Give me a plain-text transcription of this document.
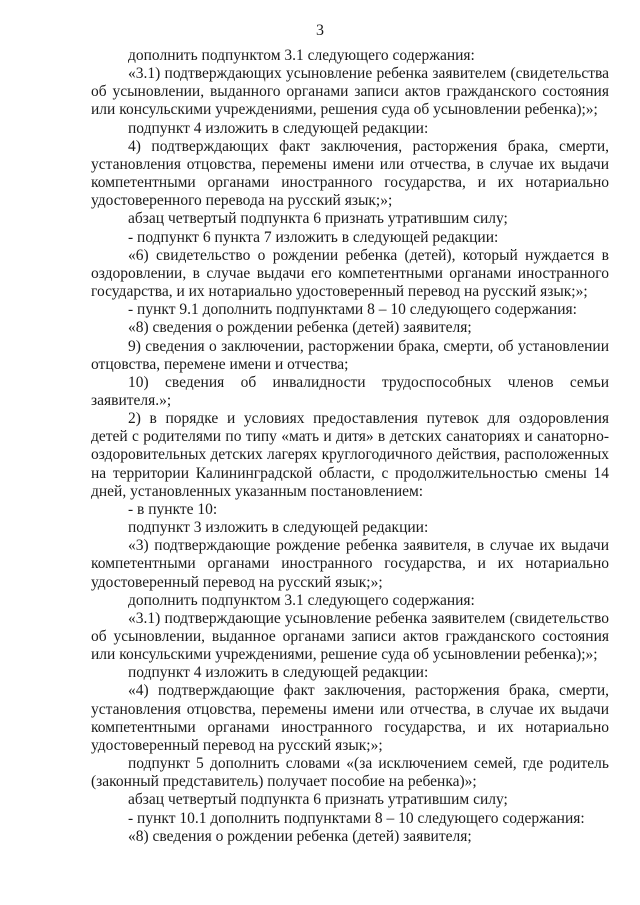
3

дополнить подпунктом 3.1 следующего содержания:

«3.1) подтверждающих усыновление ребенка заявителем (свидетельства об усыновлении, выданного органами записи актов гражданского состояния или консульскими учреждениями, решения суда об усыновлении ребенка);»;

подпункт 4 изложить в следующей редакции:

4) подтверждающих факт заключения, расторжения брака, смерти, установления отцовства, перемены имени или отчества, в случае их выдачи компетентными органами иностранного государства, и их нотариально удостоверенного перевода на русский язык;»;

абзац четвертый подпункта 6 признать утратившим силу;

- подпункт 6 пункта 7 изложить в следующей редакции:

«6) свидетельство о рождении ребенка (детей), который нуждается в оздоровлении, в случае выдачи его компетентными органами иностранного государства, и их нотариально удостоверенный перевод на русский язык;»;

- пункт 9.1 дополнить подпунктами 8 – 10 следующего содержания:

«8) сведения о рождении ребенка (детей) заявителя;

9) сведения о заключении, расторжении брака, смерти, об установлении отцовства, перемене имени и отчества;

10) сведения об инвалидности трудоспособных членов семьи заявителя.»;

2) в порядке и условиях предоставления путевок для оздоровления детей с родителями по типу «мать и дитя» в детских санаториях и санаторно-оздоровительных детских лагерях круглогодичного действия, расположенных на территории Калининградской области, с продолжительностью смены 14 дней, установленных указанным постановлением:

- в пункте 10:

подпункт 3 изложить в следующей редакции:

«3) подтверждающие рождение ребенка заявителя, в случае их выдачи компетентными органами иностранного государства, и их нотариально удостоверенный перевод на русский язык;»;

дополнить подпунктом 3.1 следующего содержания:

«3.1) подтверждающие усыновление ребенка заявителем (свидетельство об усыновлении, выданное органами записи актов гражданского состояния или консульскими учреждениями, решение суда об усыновлении ребенка);»;

подпункт 4 изложить в следующей редакции:

«4) подтверждающие факт заключения, расторжения брака, смерти, установления отцовства, перемены имени или отчества, в случае их выдачи компетентными органами иностранного государства, и их нотариально удостоверенный перевод на русский язык;»;

подпункт 5 дополнить словами «(за исключением семей, где родитель (законный представитель) получает пособие на ребенка)»;

абзац четвертый подпункта 6 признать утратившим силу;

- пункт 10.1 дополнить подпунктами 8 – 10 следующего содержания:

«8) сведения о рождении ребенка (детей) заявителя;
